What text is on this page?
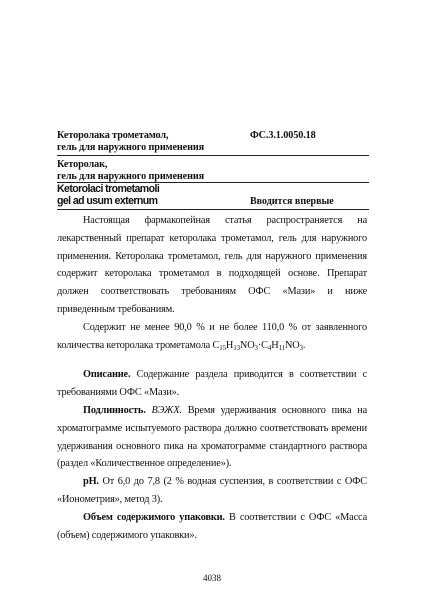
Кеторолака трометамол,
гель для наружного применения
ФС.3.1.0050.18
Кеторолак,
гель для наружного применения
Ketorolaci trometamoli
gel ad usum externum	Вводится впервые

Настоящая фармакопейная статья распространяется на лекарственный препарат кеторолака трометамол, гель для наружного применения. Кеторолака трометамол, гель для наружного применения содержит кеторолака трометамол в подходящей основе. Препарат должен соответствовать требованиям ОФС «Мази» и ниже приведенным требованиям.

Содержит не менее 90,0 % и не более 110,0 % от заявленного количества кеторолака трометамола $C_{15}H_{13}NO_3\cdot C_4H_{11}NO_3$.

Описание. Содержание раздела приводится в соответствии с требованиями ОФС «Мази».

Подлинность. ВЭЖХ. Время удерживания основного пика на хроматограмме испытуемого раствора должно соответствовать времени удерживания основного пика на хроматограмме стандартного раствора (раздел «Количественное определение»).

pH. От 6,0 до 7,8 (2 % водная суспензия, в соответствии с ОФС «Ионометрия», метод 3).

Объем содержимого упаковки. В соответствии с ОФС «Масса (объем) содержимого упаковки».

4038
